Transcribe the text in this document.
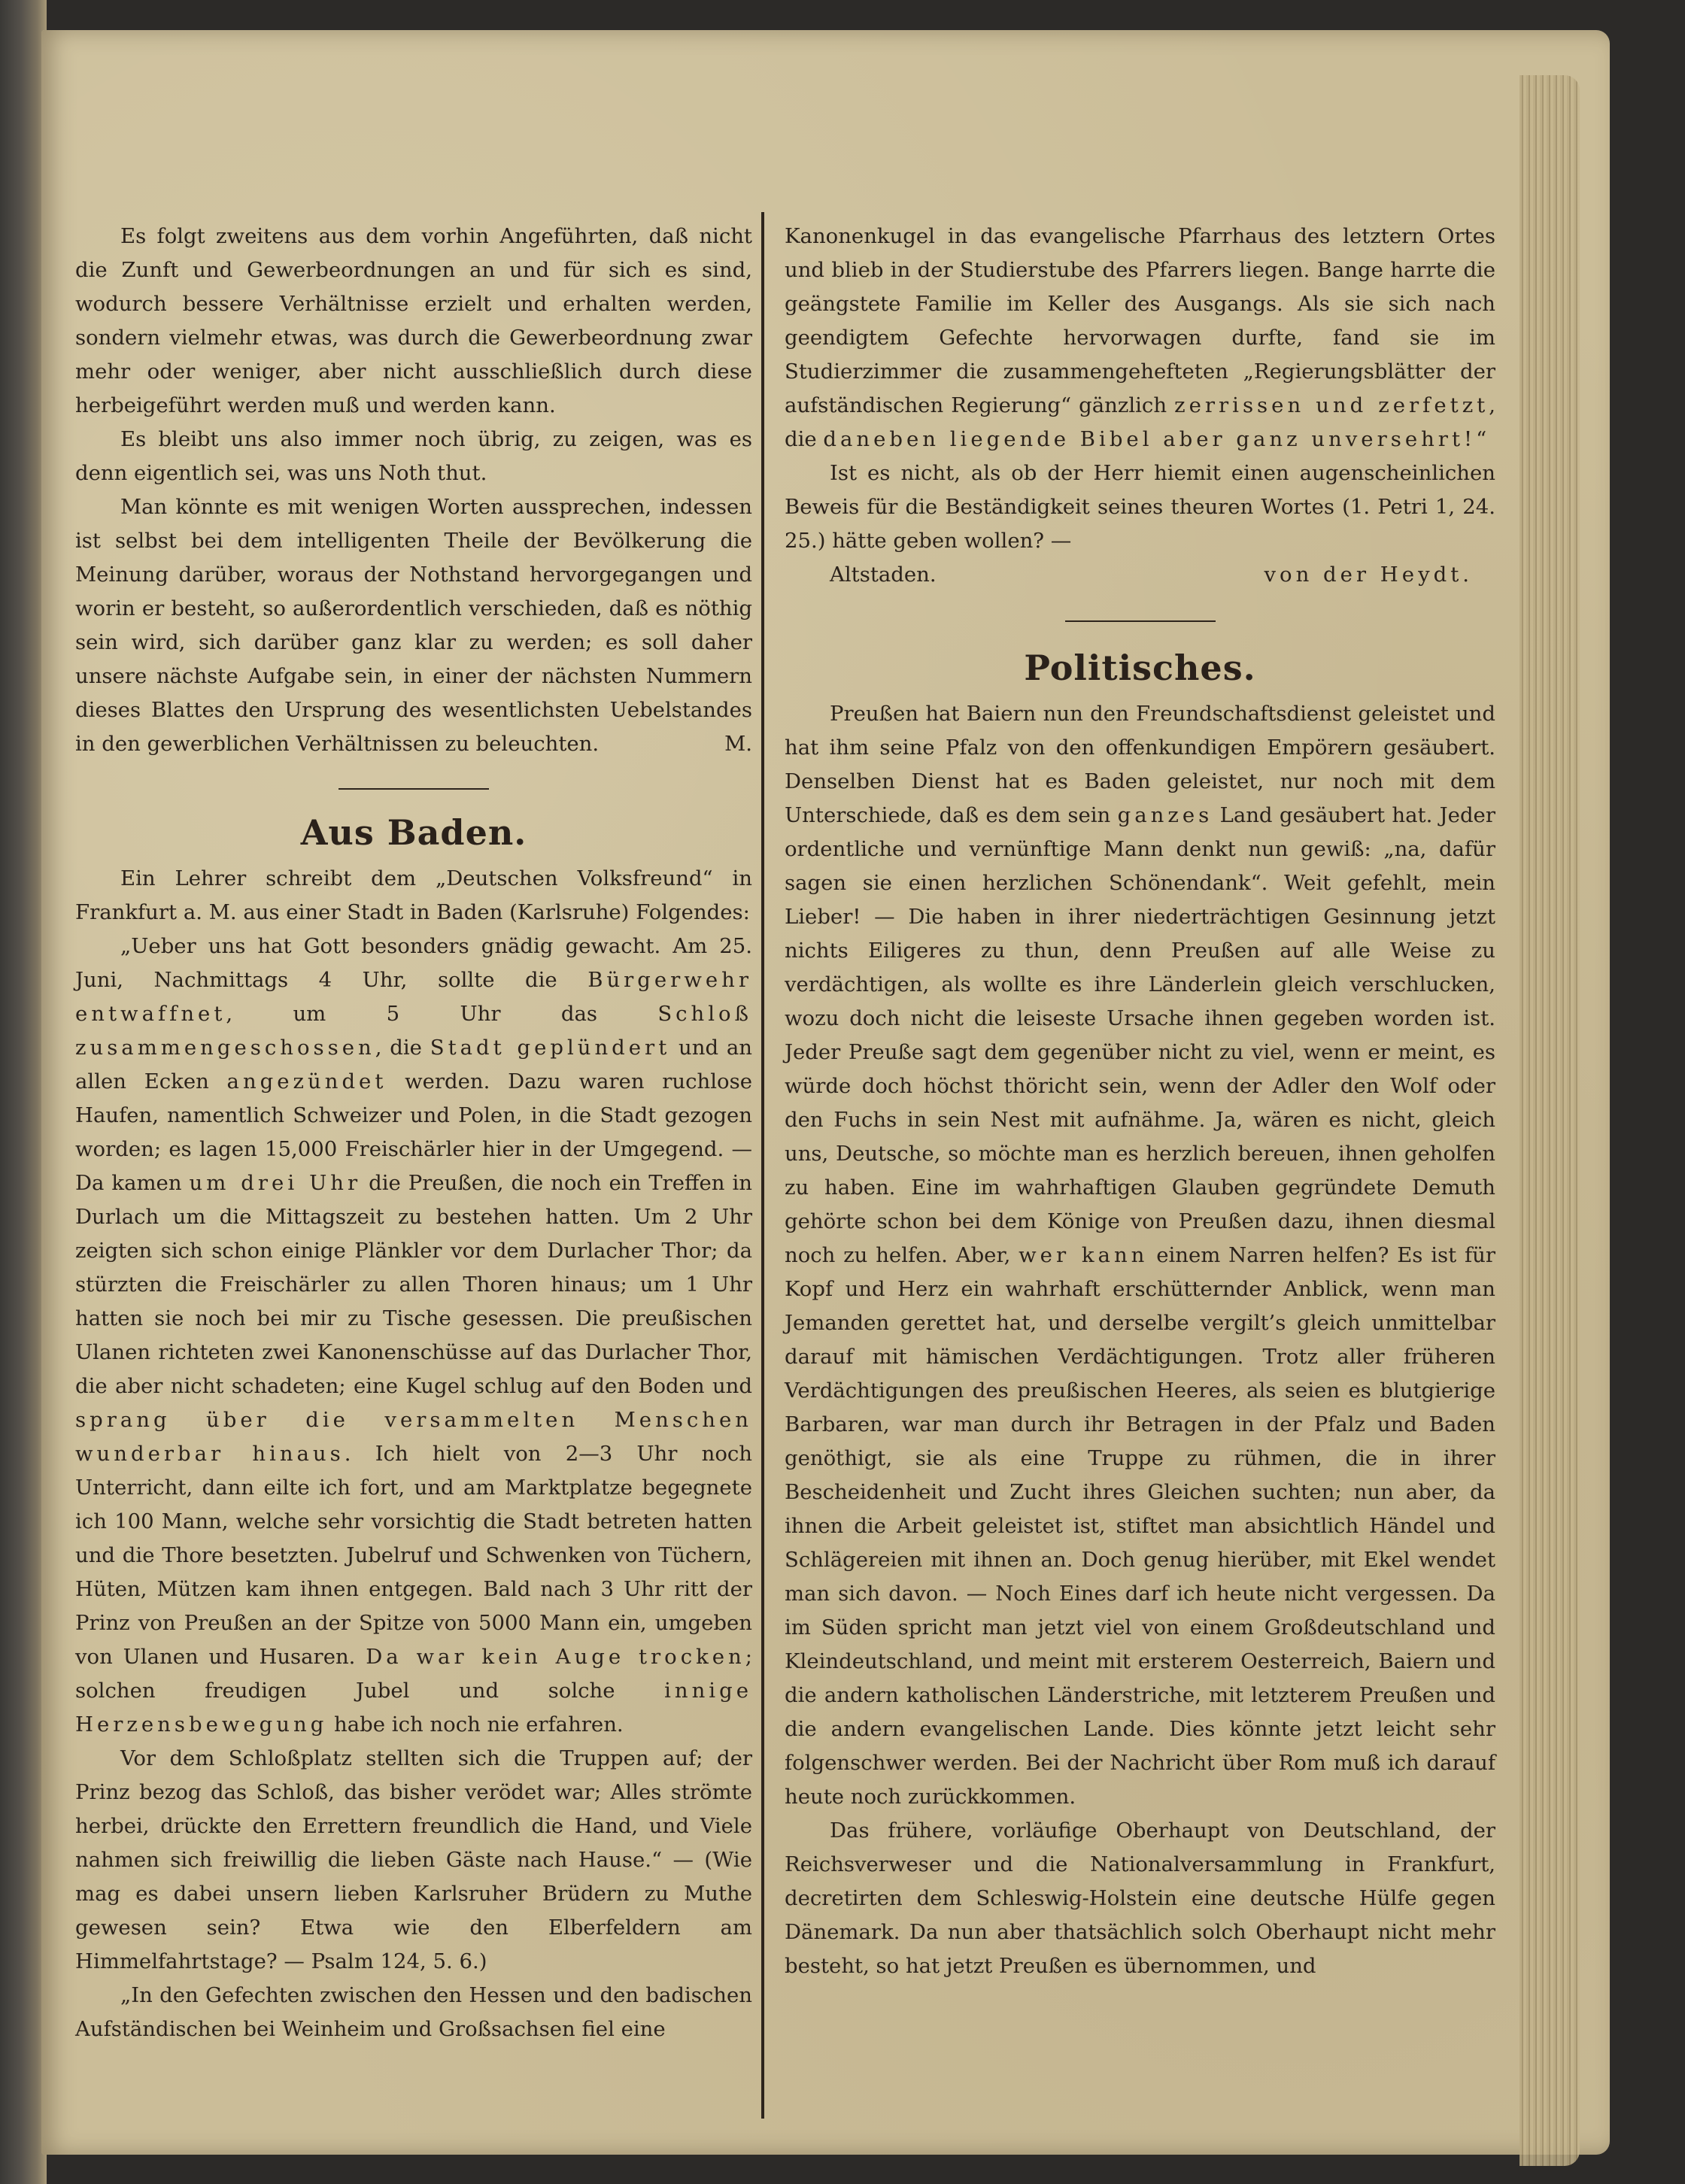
Es folgt zweitens aus dem vorhin Angeführten, daß nicht die Zunft und Gewerbeordnungen an und für sich es sind, wodurch bessere Verhältnisse erzielt und erhalten werden, sondern vielmehr etwas, was durch die Gewerbeordnung zwar mehr oder weniger, aber nicht ausschließlich durch diese herbeigeführt werden muß und werden kann.

Es bleibt uns also immer noch übrig, zu zeigen, was es denn eigentlich sei, was uns Noth thut.

Man könnte es mit wenigen Worten aussprechen, indessen ist selbst bei dem intelligenten Theile der Bevölkerung die Meinung darüber, woraus der Nothstand hervorgegangen und worin er besteht, so außerordentlich verschieden, daß es nöthig sein wird, sich darüber ganz klar zu werden; es soll daher unsere nächste Aufgabe sein, in einer der nächsten Nummern dieses Blattes den Ursprung des wesentlichsten Uebelstandes in den gewerblichen Verhältnissen zu beleuchten.	M.

Aus Baden.

Ein Lehrer schreibt dem „Deutschen Volksfreund“ in Frankfurt a. M. aus einer Stadt in Baden (Karlsruhe) Folgendes:

„Ueber uns hat Gott besonders gnädig gewacht. Am 25. Juni, Nachmittags 4 Uhr, sollte die Bürgerwehr entwaffnet, um 5 Uhr das Schloß zusammengeschossen, die Stadt geplündert und an allen Ecken angezündet werden. Dazu waren ruchlose Haufen, namentlich Schweizer und Polen, in die Stadt gezogen worden; es lagen 15,000 Freischärler hier in der Umgegend. — Da kamen um drei Uhr die Preußen, die noch ein Treffen in Durlach um die Mittagszeit zu bestehen hatten. Um 2 Uhr zeigten sich schon einige Plänkler vor dem Durlacher Thor; da stürzten die Freischärler zu allen Thoren hinaus; um 1 Uhr hatten sie noch bei mir zu Tische gesessen. Die preußischen Ulanen richteten zwei Kanonenschüsse auf das Durlacher Thor, die aber nicht schadeten; eine Kugel schlug auf den Boden und sprang über die versammelten Menschen wunderbar hinaus. Ich hielt von 2—3 Uhr noch Unterricht, dann eilte ich fort, und am Marktplatze begegnete ich 100 Mann, welche sehr vorsichtig die Stadt betreten hatten und die Thore besetzten. Jubelruf und Schwenken von Tüchern, Hüten, Mützen kam ihnen entgegen. Bald nach 3 Uhr ritt der Prinz von Preußen an der Spitze von 5000 Mann ein, umgeben von Ulanen und Husaren. Da war kein Auge trocken; solchen freudigen Jubel und solche innige Herzensbewegung habe ich noch nie erfahren.

Vor dem Schloßplatz stellten sich die Truppen auf; der Prinz bezog das Schloß, das bisher verödet war; Alles strömte herbei, drückte den Errettern freundlich die Hand, und Viele nahmen sich freiwillig die lieben Gäste nach Hause.“ — (Wie mag es dabei unsern lieben Karlsruher Brüdern zu Muthe gewesen sein? Etwa wie den Elberfeldern am Himmelfahrtstage? — Psalm 124, 5. 6.)

„In den Gefechten zwischen den Hessen und den badischen Aufständischen bei Weinheim und Großsachsen fiel eine

Kanonenkugel in das evangelische Pfarrhaus des letztern Ortes und blieb in der Studierstube des Pfarrers liegen. Bange harrte die geängstete Familie im Keller des Ausgangs. Als sie sich nach geendigtem Gefechte hervorwagen durfte, fand sie im Studierzimmer die zusammengehefteten „Regierungsblätter der aufständischen Regierung“ gänzlich zerrissen und zerfetzt, die daneben liegende Bibel aber ganz unversehrt!“

Ist es nicht, als ob der Herr hiemit einen augenscheinlichen Beweis für die Beständigkeit seines theuren Wortes (1. Petri 1, 24. 25.) hätte geben wollen? —

Altstaden.	von der Heydt.
Politisches.

Preußen hat Baiern nun den Freundschaftsdienst geleistet und hat ihm seine Pfalz von den offenkundigen Empörern gesäubert. Denselben Dienst hat es Baden geleistet, nur noch mit dem Unterschiede, daß es dem sein ganzes Land gesäubert hat. Jeder ordentliche und vernünftige Mann denkt nun gewiß: „na, dafür sagen sie einen herzlichen Schönendank“. Weit gefehlt, mein Lieber! — Die haben in ihrer niederträchtigen Gesinnung jetzt nichts Eiligeres zu thun, denn Preußen auf alle Weise zu verdächtigen, als wollte es ihre Länderlein gleich verschlucken, wozu doch nicht die leiseste Ursache ihnen gegeben worden ist. Jeder Preuße sagt dem gegenüber nicht zu viel, wenn er meint, es würde doch höchst thöricht sein, wenn der Adler den Wolf oder den Fuchs in sein Nest mit aufnähme. Ja, wären es nicht, gleich uns, Deutsche, so möchte man es herzlich bereuen, ihnen geholfen zu haben. Eine im wahrhaftigen Glauben gegründete Demuth gehörte schon bei dem Könige von Preußen dazu, ihnen diesmal noch zu helfen. Aber, wer kann einem Narren helfen? Es ist für Kopf und Herz ein wahrhaft erschütternder Anblick, wenn man Jemanden gerettet hat, und derselbe vergilt’s gleich unmittelbar darauf mit hämischen Verdächtigungen. Trotz aller früheren Verdächtigungen des preußischen Heeres, als seien es blutgierige Barbaren, war man durch ihr Betragen in der Pfalz und Baden genöthigt, sie als eine Truppe zu rühmen, die in ihrer Bescheidenheit und Zucht ihres Gleichen suchten; nun aber, da ihnen die Arbeit geleistet ist, stiftet man absichtlich Händel und Schlägereien mit ihnen an. Doch genug hierüber, mit Ekel wendet man sich davon. — Noch Eines darf ich heute nicht vergessen. Da im Süden spricht man jetzt viel von einem Großdeutschland und Kleindeutschland, und meint mit ersterem Oesterreich, Baiern und die andern katholischen Länderstriche, mit letzterem Preußen und die andern evangelischen Lande. Dies könnte jetzt leicht sehr folgenschwer werden. Bei der Nachricht über Rom muß ich darauf heute noch zurückkommen.

Das frühere, vorläufige Oberhaupt von Deutschland, der Reichsverweser und die Nationalversammlung in Frankfurt, decretirten dem Schleswig-Holstein eine deutsche Hülfe gegen Dänemark. Da nun aber thatsächlich solch Oberhaupt nicht mehr besteht, so hat jetzt Preußen es übernommen, und
